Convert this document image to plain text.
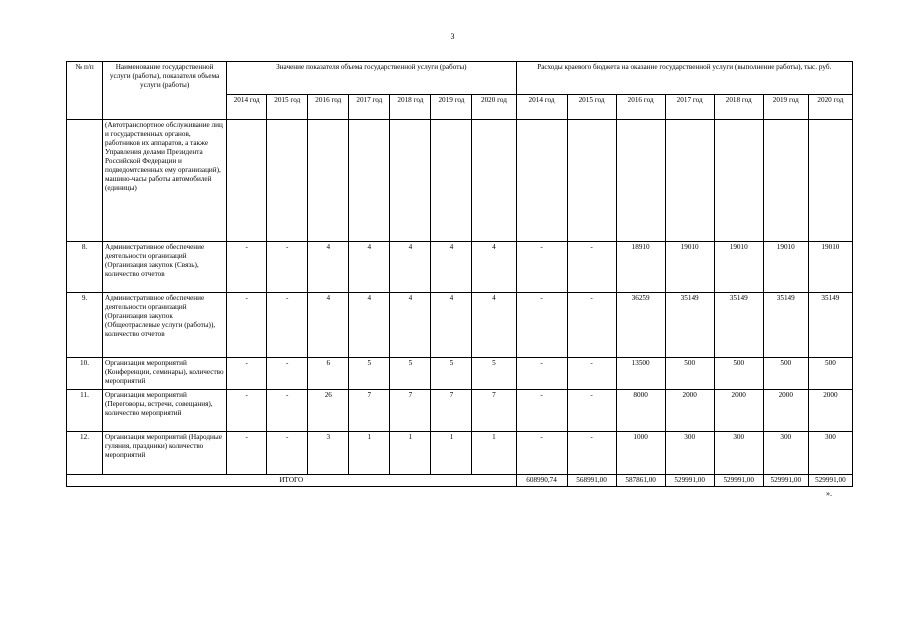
3
№ п/п	Наименование государственной услуги (работы), показателя объема услуги (работы)	Значение показателя объема государственной услуги (работы)							Расходы краевого бюджета на оказание государственной услуги (выполнение работы), тыс. руб.						
		2014 год	2015 год	2016 год	2017 год	2018 год	2019 год	2020 год	2014 год	2015 год	2016 год	2017 год	2018 год	2019 год	2020 год
	(Автотранспортное обслуживание лиц и государственных органов, работников их аппаратов, а также Управления делами Президента Российской Федерации и подведомтсвенных ему организаций), машино-часы работы автомобилей (единицы)														
8.	Административное обеспечение деятельности организаций (Организация закупок (Связь), количество отчетов	-	-	4	4	4	4	4	-	-	18910	19010	19010	19010	19010
9.	Административное обеспечение деятельности организаций (Организация закупок (Общеотраслевые услуги (работы)), количество отчетов	-	-	4	4	4	4	4	-	-	36259	35149	35149	35149	35149
10.	Организация мероприятий (Конференции, семинары), количество мероприятий	-	-	6	5	5	5	5	-	-	13500	500	500	500	500
11.	Организация мероприятий (Переговоры, встречи, совещания), количество мероприятий	-	-	26	7	7	7	7	-	-	8000	2000	2000	2000	2000
12.	Организация мероприятий (Народные гуляния, праздники) количество мероприятий	-	-	3	1	1	1	1	-	-	1000	300	300	300	300
ИТОГО									608990,74	568991,00	587861,00	529991,00	529991,00	529991,00	529991,00
».
